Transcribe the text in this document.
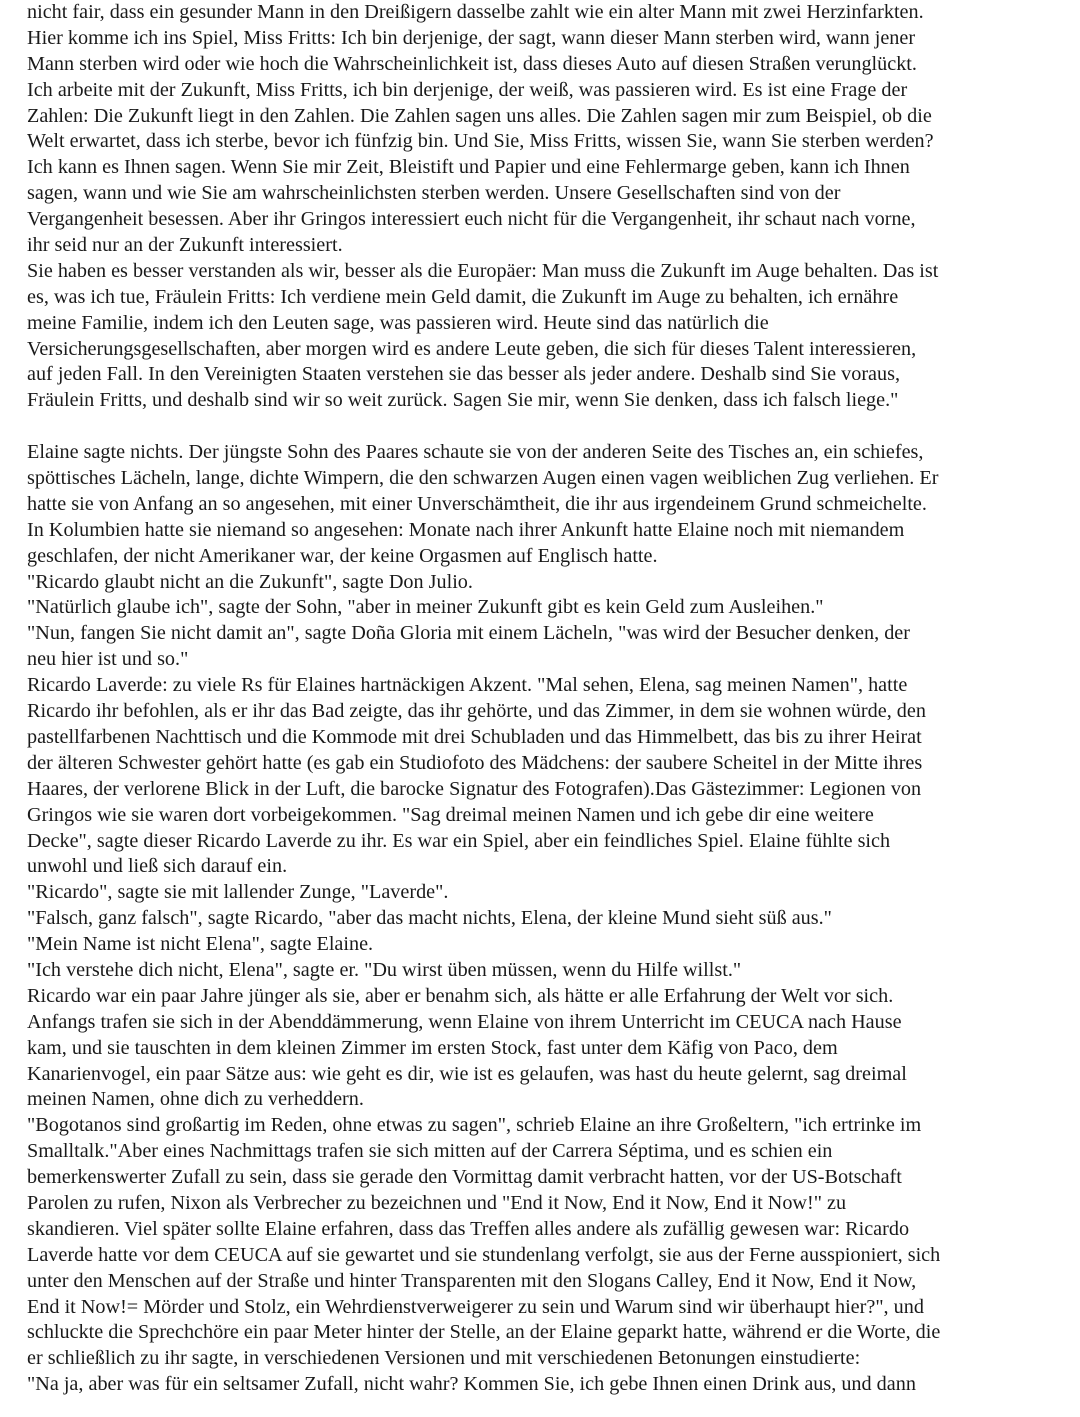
nicht fair, dass ein gesunder Mann in den Dreißigern dasselbe zahlt wie ein alter Mann mit zwei Herzinfarkten.
Hier komme ich ins Spiel, Miss Fritts: Ich bin derjenige, der sagt, wann dieser Mann sterben wird, wann jener
Mann sterben wird oder wie hoch die Wahrscheinlichkeit ist, dass dieses Auto auf diesen Straßen verunglückt.
Ich arbeite mit der Zukunft, Miss Fritts, ich bin derjenige, der weiß, was passieren wird. Es ist eine Frage der
Zahlen: Die Zukunft liegt in den Zahlen. Die Zahlen sagen uns alles. Die Zahlen sagen mir zum Beispiel, ob die
Welt erwartet, dass ich sterbe, bevor ich fünfzig bin. Und Sie, Miss Fritts, wissen Sie, wann Sie sterben werden?
Ich kann es Ihnen sagen. Wenn Sie mir Zeit, Bleistift und Papier und eine Fehlermarge geben, kann ich Ihnen
sagen, wann und wie Sie am wahrscheinlichsten sterben werden. Unsere Gesellschaften sind von der
Vergangenheit besessen. Aber ihr Gringos interessiert euch nicht für die Vergangenheit, ihr schaut nach vorne,
ihr seid nur an der Zukunft interessiert.
Sie haben es besser verstanden als wir, besser als die Europäer: Man muss die Zukunft im Auge behalten. Das ist
es, was ich tue, Fräulein Fritts: Ich verdiene mein Geld damit, die Zukunft im Auge zu behalten, ich ernähre
meine Familie, indem ich den Leuten sage, was passieren wird. Heute sind das natürlich die
Versicherungsgesellschaften, aber morgen wird es andere Leute geben, die sich für dieses Talent interessieren,
auf jeden Fall. In den Vereinigten Staaten verstehen sie das besser als jeder andere. Deshalb sind Sie voraus,
Fräulein Fritts, und deshalb sind wir so weit zurück. Sagen Sie mir, wenn Sie denken, dass ich falsch liege."
Elaine sagte nichts. Der jüngste Sohn des Paares schaute sie von der anderen Seite des Tisches an, ein schiefes,
spöttisches Lächeln, lange, dichte Wimpern, die den schwarzen Augen einen vagen weiblichen Zug verliehen. Er
hatte sie von Anfang an so angesehen, mit einer Unverschämtheit, die ihr aus irgendeinem Grund schmeichelte.
In Kolumbien hatte sie niemand so angesehen: Monate nach ihrer Ankunft hatte Elaine noch mit niemandem
geschlafen, der nicht Amerikaner war, der keine Orgasmen auf Englisch hatte.
"Ricardo glaubt nicht an die Zukunft", sagte Don Julio.
"Natürlich glaube ich", sagte der Sohn, "aber in meiner Zukunft gibt es kein Geld zum Ausleihen."
"Nun, fangen Sie nicht damit an", sagte Doña Gloria mit einem Lächeln, "was wird der Besucher denken, der
neu hier ist und so."
Ricardo Laverde: zu viele Rs für Elaines hartnäckigen Akzent. "Mal sehen, Elena, sag meinen Namen", hatte
Ricardo ihr befohlen, als er ihr das Bad zeigte, das ihr gehörte, und das Zimmer, in dem sie wohnen würde, den
pastellfarbenen Nachttisch und die Kommode mit drei Schubladen und das Himmelbett, das bis zu ihrer Heirat
der älteren Schwester gehört hatte (es gab ein Studiofoto des Mädchens: der saubere Scheitel in der Mitte ihres
Haares, der verlorene Blick in der Luft, die barocke Signatur des Fotografen).Das Gästezimmer: Legionen von
Gringos wie sie waren dort vorbeigekommen. "Sag dreimal meinen Namen und ich gebe dir eine weitere
Decke", sagte dieser Ricardo Laverde zu ihr. Es war ein Spiel, aber ein feindliches Spiel. Elaine fühlte sich
unwohl und ließ sich darauf ein.
"Ricardo", sagte sie mit lallender Zunge, "Laverde".
"Falsch, ganz falsch", sagte Ricardo, "aber das macht nichts, Elena, der kleine Mund sieht süß aus."
"Mein Name ist nicht Elena", sagte Elaine.
"Ich verstehe dich nicht, Elena", sagte er. "Du wirst üben müssen, wenn du Hilfe willst."
Ricardo war ein paar Jahre jünger als sie, aber er benahm sich, als hätte er alle Erfahrung der Welt vor sich.
Anfangs trafen sie sich in der Abenddämmerung, wenn Elaine von ihrem Unterricht im CEUCA nach Hause
kam, und sie tauschten in dem kleinen Zimmer im ersten Stock, fast unter dem Käfig von Paco, dem
Kanarienvogel, ein paar Sätze aus: wie geht es dir, wie ist es gelaufen, was hast du heute gelernt, sag dreimal
meinen Namen, ohne dich zu verheddern.
"Bogotanos sind großartig im Reden, ohne etwas zu sagen", schrieb Elaine an ihre Großeltern, "ich ertrinke im
Smalltalk."Aber eines Nachmittags trafen sie sich mitten auf der Carrera Séptima, und es schien ein
bemerkenswerter Zufall zu sein, dass sie gerade den Vormittag damit verbracht hatten, vor der US-Botschaft
Parolen zu rufen, Nixon als Verbrecher zu bezeichnen und "End it Now, End it Now, End it Now!" zu
skandieren. Viel später sollte Elaine erfahren, dass das Treffen alles andere als zufällig gewesen war: Ricardo
Laverde hatte vor dem CEUCA auf sie gewartet und sie stundenlang verfolgt, sie aus der Ferne ausspioniert, sich
unter den Menschen auf der Straße und hinter Transparenten mit den Slogans Calley, End it Now, End it Now,
End it Now!= Mörder und Stolz, ein Wehrdienstverweigerer zu sein und Warum sind wir überhaupt hier?", und
schluckte die Sprechchöre ein paar Meter hinter der Stelle, an der Elaine geparkt hatte, während er die Worte, die
er schließlich zu ihr sagte, in verschiedenen Versionen und mit verschiedenen Betonungen einstudierte:
"Na ja, aber was für ein seltsamer Zufall, nicht wahr? Kommen Sie, ich gebe Ihnen einen Drink aus, und dann
